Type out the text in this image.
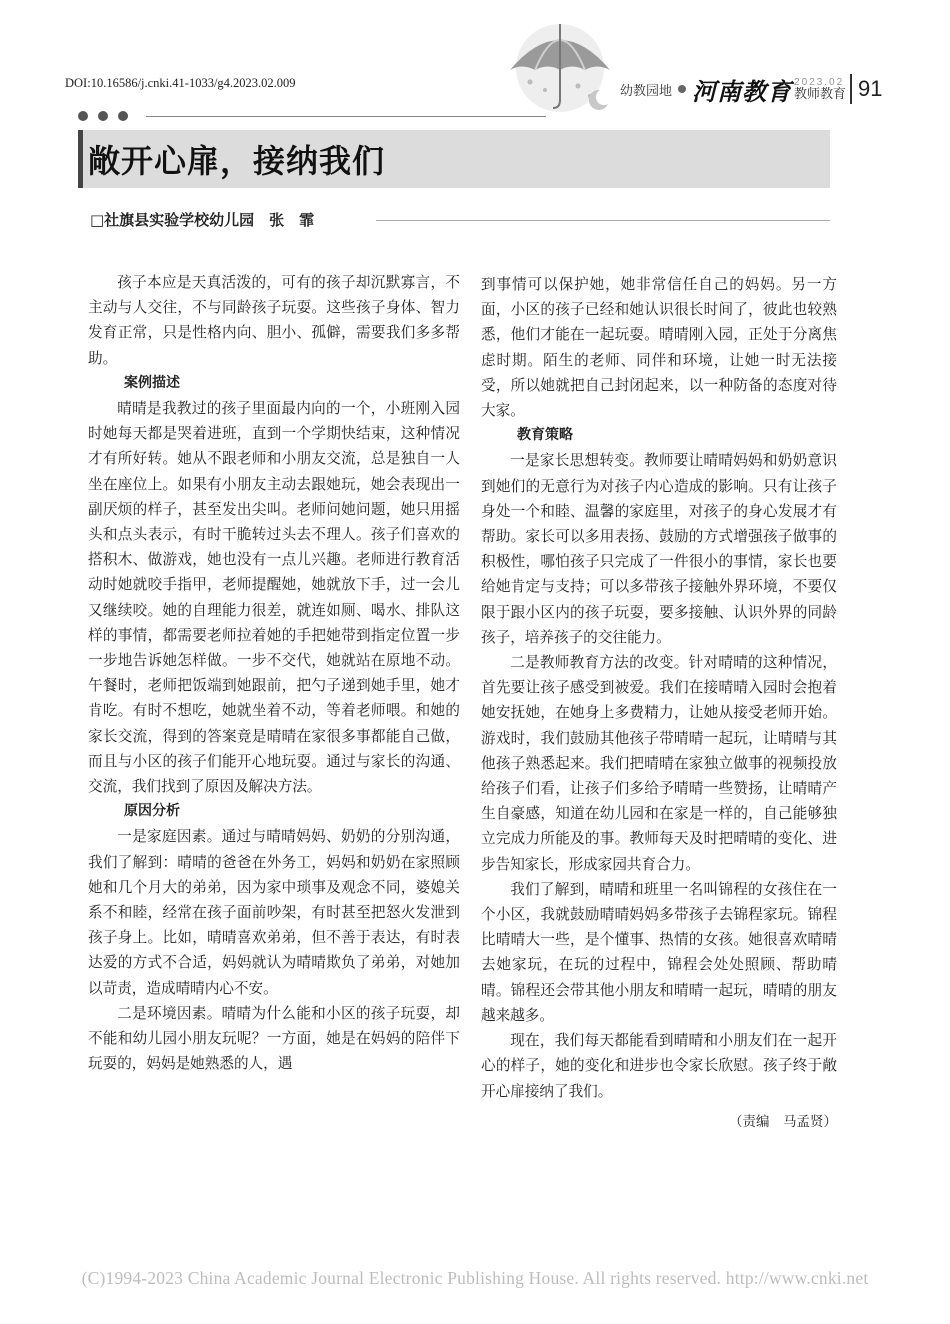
DOI:10.16586/j.cnki.41-1033/g4.2023.02.009
幼教园地 河南教育 2023.02
教师教育 91
敞开心扉，接纳我们
□社旗县实验学校幼儿园　张　霏

孩子本应是天真活泼的，可有的孩子却沉默寡言，不主动与人交往，不与同龄孩子玩耍。这些孩子身体、智力发育正常，只是性格内向、胆小、孤僻，需要我们多多帮助。

案例描述

晴晴是我教过的孩子里面最内向的一个，小班刚入园时她每天都是哭着进班，直到一个学期快结束，这种情况才有所好转。她从不跟老师和小朋友交流，总是独自一人坐在座位上。如果有小朋友主动去跟她玩，她会表现出一副厌烦的样子，甚至发出尖叫。老师问她问题，她只用摇头和点头表示，有时干脆转过头去不理人。孩子们喜欢的搭积木、做游戏，她也没有一点儿兴趣。老师进行教育活动时她就咬手指甲，老师提醒她，她就放下手，过一会儿又继续咬。她的自理能力很差，就连如厕、喝水、排队这样的事情，都需要老师拉着她的手把她带到指定位置一步一步地告诉她怎样做。一步不交代，她就站在原地不动。午餐时，老师把饭端到她跟前，把勺子递到她手里，她才肯吃。有时不想吃，她就坐着不动，等着老师喂。和她的家长交流，得到的答案竟是晴晴在家很多事都能自己做，而且与小区的孩子们能开心地玩耍。通过与家长的沟通、交流，我们找到了原因及解决方法。

原因分析

一是家庭因素。通过与晴晴妈妈、奶奶的分别沟通，我们了解到：晴晴的爸爸在外务工，妈妈和奶奶在家照顾她和几个月大的弟弟，因为家中琐事及观念不同，婆媳关系不和睦，经常在孩子面前吵架，有时甚至把怒火发泄到孩子身上。比如，晴晴喜欢弟弟，但不善于表达，有时表达爱的方式不合适，妈妈就认为晴晴欺负了弟弟，对她加以苛责，造成晴晴内心不安。

二是环境因素。晴晴为什么能和小区的孩子玩耍，却不能和幼儿园小朋友玩呢？一方面，她是在妈妈的陪伴下玩耍的，妈妈是她熟悉的人，遇

到事情可以保护她，她非常信任自己的妈妈。另一方面，小区的孩子已经和她认识很长时间了，彼此也较熟悉，他们才能在一起玩耍。晴晴刚入园，正处于分离焦虑时期。陌生的老师、同伴和环境，让她一时无法接受，所以她就把自己封闭起来，以一种防备的态度对待大家。

教育策略

一是家长思想转变。教师要让晴晴妈妈和奶奶意识到她们的无意行为对孩子内心造成的影响。只有让孩子身处一个和睦、温馨的家庭里，对孩子的身心发展才有帮助。家长可以多用表扬、鼓励的方式增强孩子做事的积极性，哪怕孩子只完成了一件很小的事情，家长也要给她肯定与支持；可以多带孩子接触外界环境，不要仅限于跟小区内的孩子玩耍，要多接触、认识外界的同龄孩子，培养孩子的交往能力。

二是教师教育方法的改变。针对晴晴的这种情况，首先要让孩子感受到被爱。我们在接晴晴入园时会抱着她安抚她，在她身上多费精力，让她从接受老师开始。游戏时，我们鼓励其他孩子带晴晴一起玩，让晴晴与其他孩子熟悉起来。我们把晴晴在家独立做事的视频投放给孩子们看，让孩子们多给予晴晴一些赞扬，让晴晴产生自豪感，知道在幼儿园和在家是一样的，自己能够独立完成力所能及的事。教师每天及时把晴晴的变化、进步告知家长，形成家园共育合力。

我们了解到，晴晴和班里一名叫锦程的女孩住在一个小区，我就鼓励晴晴妈妈多带孩子去锦程家玩。锦程比晴晴大一些，是个懂事、热情的女孩。她很喜欢晴晴去她家玩，在玩的过程中，锦程会处处照顾、帮助晴晴。锦程还会带其他小朋友和晴晴一起玩，晴晴的朋友越来越多。

现在，我们每天都能看到晴晴和小朋友们在一起开心的样子，她的变化和进步也令家长欣慰。孩子终于敞开心扉接纳了我们。

（责编　马孟贤）
(C)1994-2023 China Academic Journal Electronic Publishing House. All rights reserved. http://www.cnki.net
